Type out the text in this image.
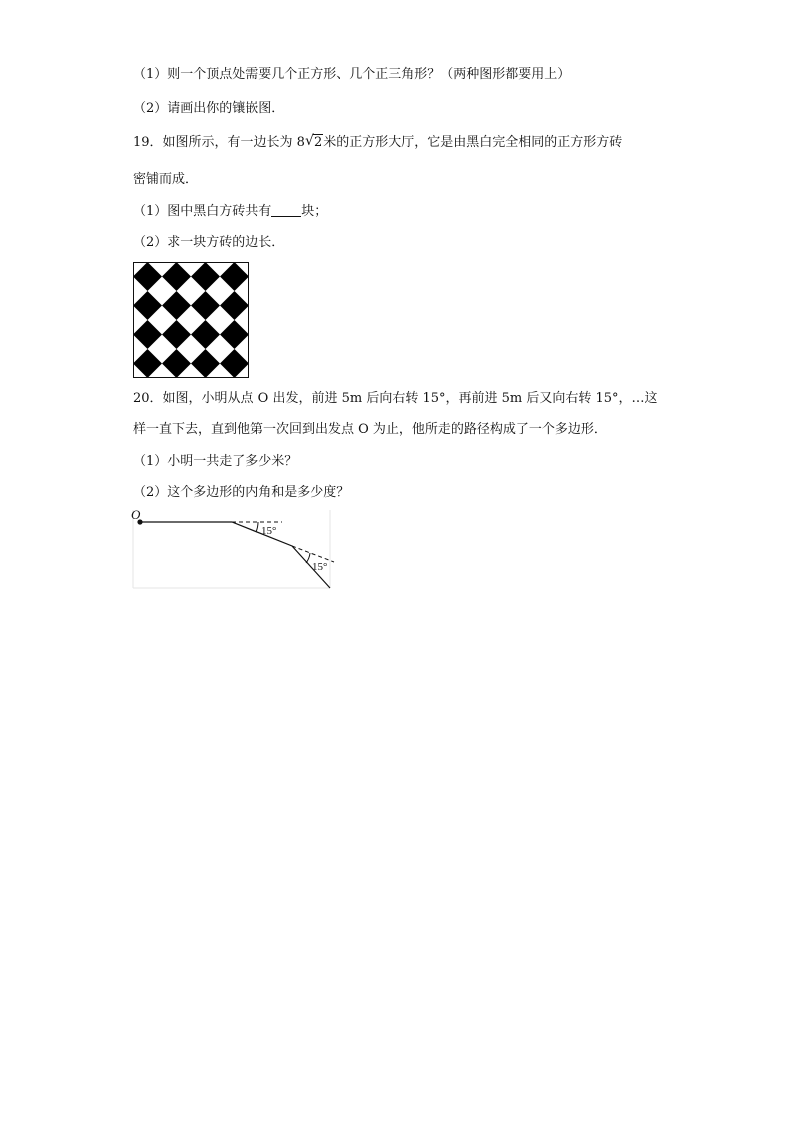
（1）则一个顶点处需要几个正方形、几个正三角形？（两种图形都要用上）
（2）请画出你的镶嵌图．
19．如图所示，有一边长为 8 √ 2米的正方形大厅，它是由黑白完全相同的正方形方砖
密铺而成．
（1）图中黑白方砖共有 块；
（2）求一块方砖的边长．
20．如图，小明从点 O 出发，前进 5m 后向右转 15°，再前进 5m 后又向右转 15°，…这
样一直下去，直到他第一次回到出发点 O 为止，他所走的路径构成了一个多边形．
（1）小明一共走了多少米？
（2）这个多边形的内角和是多少度？
O
15°
15°
